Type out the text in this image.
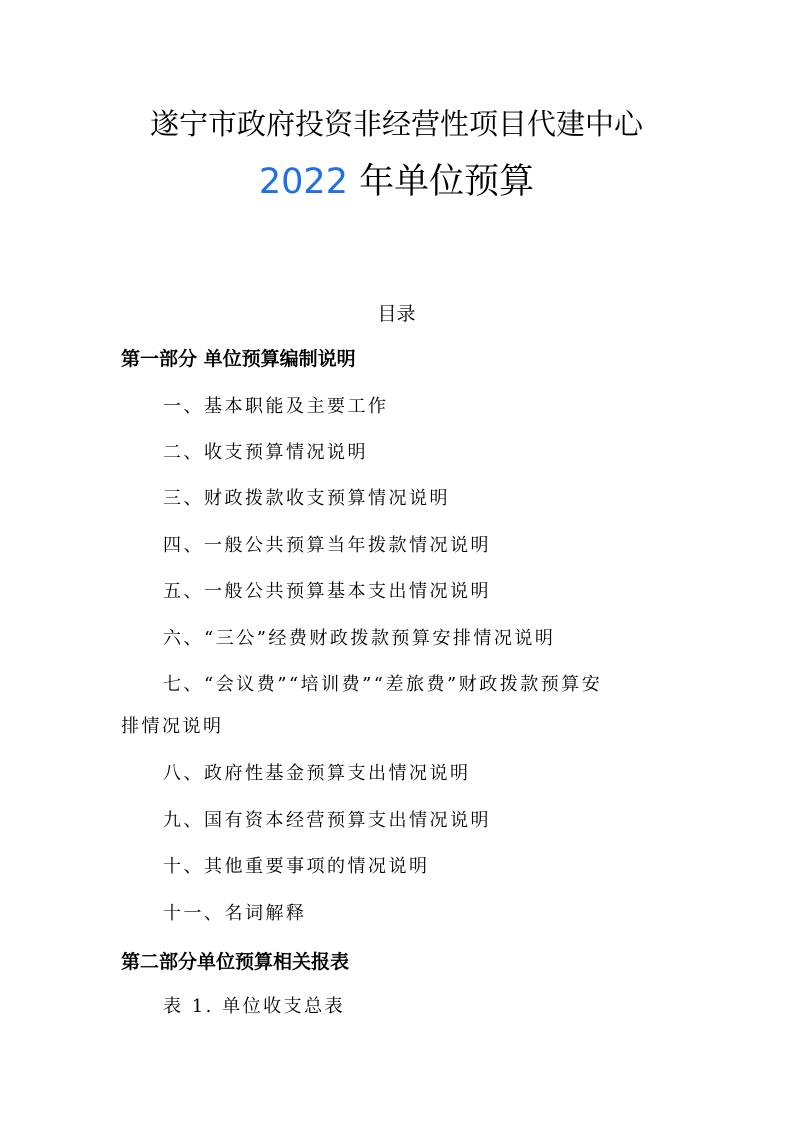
遂宁市政府投资非经营性项目代建中心
2022 年单位预算
目录
第一部分 单位预算编制说明
一、基本职能及主要工作
二、收支预算情况说明
三、财政拨款收支预算情况说明
四、一般公共预算当年拨款情况说明
五、一般公共预算基本支出情况说明
六、“三公”经费财政拨款预算安排情况说明
七、“会议费”“培训费”“差旅费”财政拨款预算安
排情况说明
八、政府性基金预算支出情况说明
九、国有资本经营预算支出情况说明
十、其他重要事项的情况说明
十一、名词解释
第二部分单位预算相关报表
表 1. 单位收支总表
